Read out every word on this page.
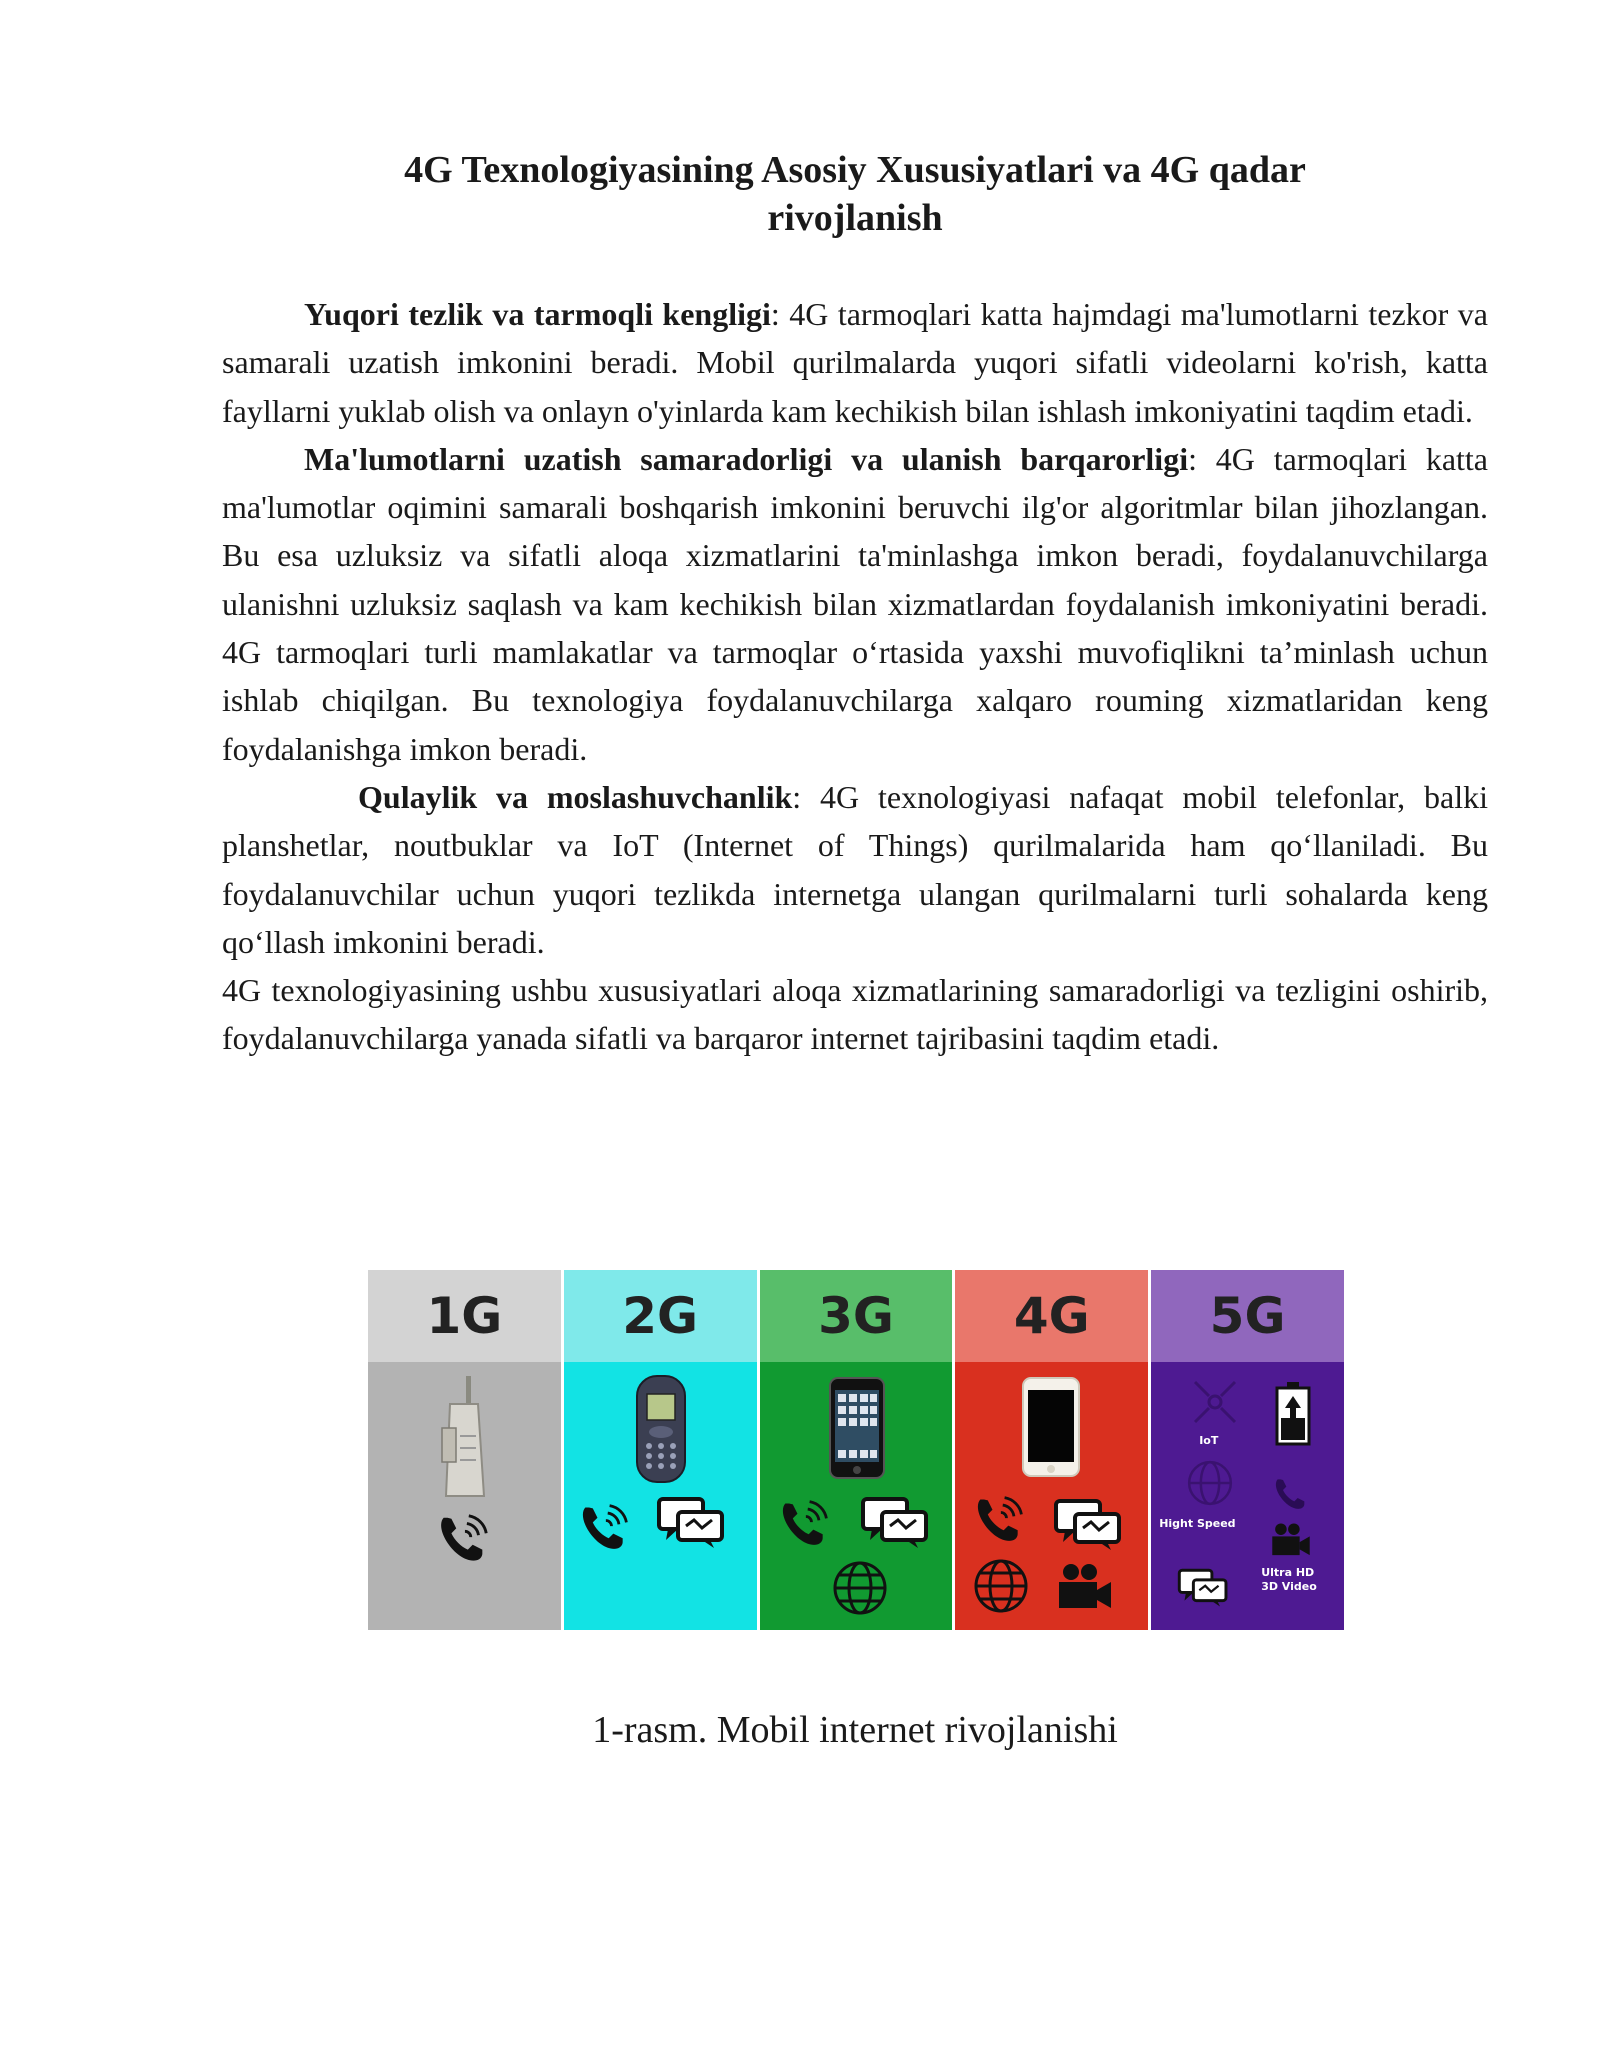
4G Texnologiyasining Asosiy Xususiyatlari va 4G qadar
rivojlanish

Yuqori tezlik va tarmoqli kengligi: 4G tarmoqlari katta hajmdagi ma'lumotlarni tezkor va samarali uzatish imkonini beradi. Mobil qurilmalarda yuqori sifatli videolarni ko'rish, katta fayllarni yuklab olish va onlayn o'yinlarda kam kechikish bilan ishlash imkoniyatini taqdim etadi.

Ma'lumotlarni uzatish samaradorligi va ulanish barqarorligi: 4G tarmoqlari katta ma'lumotlar oqimini samarali boshqarish imkonini beruvchi ilg'or algoritmlar bilan jihozlangan. Bu esa uzluksiz va sifatli aloqa xizmatlarini ta'minlashga imkon beradi, foydalanuvchilarga ulanishni uzluksiz saqlash va kam kechikish bilan xizmatlardan foydalanish imkoniyatini beradi. 4G tarmoqlari turli mamlakatlar va tarmoqlar o‘rtasida yaxshi muvofiqlikni ta’minlash uchun ishlab chiqilgan. Bu texnologiya foydalanuvchilarga xalqaro rouming xizmatlaridan keng foydalanishga imkon beradi.

Qulaylik va moslashuvchanlik: 4G texnologiyasi nafaqat mobil telefonlar, balki planshetlar, noutbuklar va IoT (Internet of Things) qurilmalarida ham qo‘llaniladi. Bu foydalanuvchilar uchun yuqori tezlikda internetga ulangan qurilmalarni turli sohalarda keng qo‘llash imkonini beradi.

4G texnologiyasining ushbu xususiyatlari aloqa xizmatlarining samaradorligi va tezligini oshirib, foydalanuvchilarga yanada sifatli va barqaror internet tajribasini taqdim etadi.

1G	2G	3G	4G	5G
IoT
Hight Speed
Ultra HD
3D Video
1-rasm. Mobil internet rivojlanishi
